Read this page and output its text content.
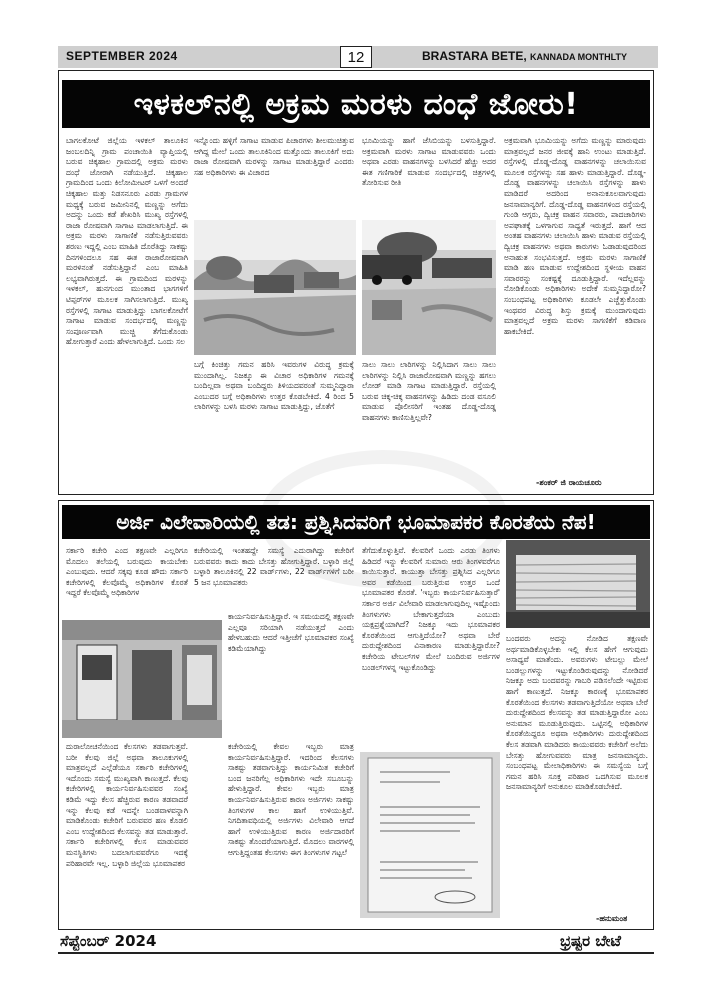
SEPTEMBER 2024	12	BRASTARA BETE, KANNADA MONTHLTY
ಇಳಕಲ್‌ನಲ್ಲಿ ಅಕ್ರಮ ಮರಳು ದಂಧೆ ಜೋರು!

ಬಾಗಲಕೋಟೆ ಜಿಲ್ಲೆಯ ಇಳಕಲ್ ತಾಲೂಕಿನ ಜಂಬಲದಿನ್ನಿ ಗ್ರಾಮ ಪಂಚಾಯಿತಿ ವ್ಯಾಪ್ತಿಯಲ್ಲಿ ಬರುವ ಚಿಕ್ಕಹಾಲ ಗ್ರಾಮದಲ್ಲಿ ಅಕ್ರಮ ಮರಳು ದಂಧೆ ಜೋರಾಗಿ ನಡೆಯುತ್ತಿದೆ. ಚಿಕ್ಕಹಾಲ ಗ್ರಾಮದಿಂದ ಒಂದು ಕಿಲೋಮೀಟರ್ ಒಳಗೆ ಅಂದರೆ ಚಿಕ್ಕಹಾಲ ಮತ್ತು ನಿಡಸನೂರು ಎರಡು ಗ್ರಾಮಗಳ ಮಧ್ಯಕ್ಕೆ ಬರುವ ಜಮೀನಿನಲ್ಲಿ ಮಣ್ಣನ್ನು ಅಗೆದು ಅದನ್ನು ಒಂದು ಕಡೆ ಶೇಖರಿಸಿ ಮುಖ್ಯ ರಸ್ತೆಗಳಲ್ಲಿ ರಾಜಾ ರೋಷವಾಗಿ ಸಾಗಾಟ ಮಾಡಲಾಗುತ್ತಿದೆ. ಈ ಅಕ್ರಮ ಮರಳು ಸಾಗಾಣಿಕೆ ನಡೆಸುತ್ತಿರುವವರು ಶರಣು ಇದ್ದಲ್ಲಿ ಎಂಬ ಮಾಹಿತಿ ದೊರೆತಿದ್ದು ಸಾಕಷ್ಟು ದಿನಗಳಿಂದಲೂ ಸಹ ಈತ ರಾಜಾರೋಷವಾಗಿ ಮರಳಿನಂತೆ ನಡೆಸುತ್ತಿದ್ದಾನೆ ಎಂಬ ಮಾಹಿತಿ ಲಭ್ಯವಾಗಿರುತ್ತದೆ. ಈ ಗ್ರಾಮದಿಂದ ಮರಳನ್ನು ಇಳಕಲ್, ಹುನಗುಂದ ಮುಂತಾದ ಭಾಗಗಳಿಗೆ ಟಿಪ್ಪರ್‌ಗಳ ಮೂಲಕ ಸಾಗಿಸಲಾಗುತ್ತಿದೆ. ಮುಖ್ಯ ರಸ್ತೆಗಳಲ್ಲಿ ಸಾಗಾಟ ಮಾಡುತ್ತಿದ್ದು ಬಾಗಲಕೋಟೆಗೆ ಸಾಗಾಟ ಮಾಡುವ ಸಂದರ್ಭದಲ್ಲಿ ಮಣ್ಣನ್ನು ಸಂಪೂರ್ಣವಾಗಿ ಮುಚ್ಚಿ ತೆಗೆದುಕೊಂಡು ಹೋಗುತ್ತಾರೆ ಎಂದು ಹೇಳಲಾಗುತ್ತಿದೆ. ಒಂದು ಸಲ

ಇನ್ನೊಂದು ಹಳ್ಳಿಗೆ ಸಾಗಾಟ ಮಾಡುವ ಪಿಚಾರಗಳು ಶೀಲಮುಚಿತ್ತುವ ಆಗಿದ್ದ ಮೇಲೆ ಒಂದು ತಾಲೂಕಿನಿಂದ ಮತ್ತೊಂದು ತಾಲೂಕಿಗೆ ಅದು ರಾಜಾ ರೋಷವಾಗಿ ಮರಳನ್ನು ಸಾಗಾಟ ಮಾಡುತ್ತಿದ್ದಾರೆ ಎಂದರು ಸಹ ಅಧಿಕಾರಿಗಳು ಈ ವಿಚಾರದ

ಭೂಮಿಯನ್ನು ಹಾಗೆ ಜೆಸಿಬಿಯನ್ನು ಬಳಸುತ್ತಿದ್ದಾರೆ. ಅಕ್ರಮವಾಗಿ ಮರಳು ಸಾಗಾಟ ಮಾಡುವವರು ಒಂದು ಅಥವಾ ಎರಡು ವಾಹನಗಳನ್ನು ಬಳಸಿದರೆ ಹೆಚ್ಚು ಅದರ ಈತ ಗಣಿಗಾರಿಕೆ ಮಾಡುವ ಸಂದರ್ಭದಲ್ಲಿ ಚಿತ್ರಗಳಲ್ಲಿ ತೋರಿಸುವ ರೀತಿ

ಬಗ್ಗೆ ಕಿಂಚಿತ್ತು ಗಮನ ಹರಿಸಿ ಇವರುಗಳ ವಿರುದ್ಧ ಕ್ರಮಕ್ಕೆ ಮುಂದಾಗಿಲ್ಲ. ನಿಜಕ್ಕೂ ಈ ವಿಚಾರ ಅಧಿಕಾರಿಗಳ ಗಮನಕ್ಕೆ ಬಂದಿಲ್ಲವಾ ಅಥವಾ ಬಂದಿದ್ದರು ತಿಳಿಯದವರಂತೆ ಸುಮ್ಮನಿದ್ದಾರಾ ಎಂಬುದರ ಬಗ್ಗೆ ಅಧಿಕಾರಿಗಳು ಉತ್ತರ ಕೊಡಬೇಕಿದೆ. 4 ರಿಂದ 5 ಲಾರಿಗಳನ್ನು ಬಳಸಿ ಮರಳು ಸಾಗಾಟ ಮಾಡುತ್ತಿದ್ದು, ಜೊತೆಗೆ

ಸಾಲು ಸಾಲು ಲಾರಿಗಳನ್ನು ನಿಲ್ಲಿಸಿದಾಗ ಸಾಲು ಸಾಲು ಲಾರಿಗಳನ್ನು ನಿಲ್ಲಿಸಿ ರಾಜಾರೋಷವಾಗಿ ಮಣ್ಣನ್ನು ಹಗಲು ಲೋಡ್ ಮಾಡಿ ಸಾಗಾಟ ಮಾಡುತ್ತಿದ್ದಾರೆ. ರಸ್ತೆಯಲ್ಲಿ ಬರುವ ಚಿಕ್ಕ-ಚಿಕ್ಕ ವಾಹನಗಳನ್ನು ಹಿಡಿದು ದಂಡ ವಸೂಲಿ ಮಾಡುವ ಪೊಲೀಸರಿಗೆ ಇಂತಹ ದೊಡ್ಡ-ದೊಡ್ಡ ವಾಹನಗಳು ಕಾಣಿಸುತ್ತಿಲ್ಲವೇ?

ಅಕ್ರಮವಾಗಿ ಭೂಮಿಯನ್ನು ಅಗೆದು ಮಣ್ಣನ್ನು ಮಾರುವುದು ಮಾತ್ರವಲ್ಲದೆ ಜನರ ಜೀವಕ್ಕೆ ಹಾನಿ ಉಂಟು ಮಾಡುತ್ತಿದೆ. ರಸ್ತೆಗಳಲ್ಲಿ ದೊಡ್ಡ-ದೊಡ್ಡ ವಾಹನಗಳನ್ನು ಚಲಾಯಿಸುವ ಮೂಲಕ ರಸ್ತೆಗಳನ್ನು ಸಹ ಹಾಳು ಮಾಡುತ್ತಿದ್ದಾರೆ. ದೊಡ್ಡ-ದೊಡ್ಡ ವಾಹನಗಳನ್ನು ಚಲಾಯಿಸಿ ರಸ್ತೆಗಳನ್ನು ಹಾಳು ಮಾಡಿದರೆ ಅದರಿಂದ ಅನಾನುಕೂಲವಾಗುವುದು ಜನಸಾಮಾನ್ಯರಿಗೆ. ದೊಡ್ಡ-ದೊಡ್ಡ ವಾಹನಗಳಿಂದ ರಸ್ತೆಯಲ್ಲಿ ಗುಂಡಿ ಆಗ್ಗರು, ದ್ವಿಚಕ್ರ ವಾಹನ ಸವಾರರು, ಪಾದಚಾರಿಗಳು ಅಪಘಾತಕ್ಕೆ ಒಳಗಾಗುವ ಸಾಧ್ಯತೆ ಇರುತ್ತದೆ. ಹಾಗೆ ಆದ ಅಂತಹ ವಾಹನಗಳು ಚಲಾಯಿಸಿ ಹಾಳು ಮಾಡುವ ರಸ್ತೆಯಲ್ಲಿ ದ್ವಿಚಕ್ರ ವಾಹನಗಳು ಅಥವಾ ಕಾರುಗಳು ಓಡಾಡುವುದರಿಂದ ಅನಾಹುತ ಸಂಭವಿಸುತ್ತದೆ. ಅಕ್ರಮ ಮರಳು ಸಾಗಾಣಿಕೆ ಮಾಡಿ ಹಣ ಮಾಡುವ ಉದ್ದೇಶದಿಂದ ಸ್ಥಳೀಯ ವಾಹನ ಸವಾರರನ್ನು ಸಂಕಷ್ಟಕ್ಕೆ ದೂಡುತ್ತಿದ್ದಾರೆ. ಇದೆಲ್ಲವನ್ನು ನೋಡಿಕೊಂಡು ಅಧಿಕಾರಿಗಳು ಅದೇಕೆ ಸುಮ್ಮನಿದ್ದಾರೋ? ಸಂಬಂಧಪಟ್ಟ ಅಧಿಕಾರಿಗಳು ಕೂಡಲೇ ಎಚ್ಚೆತ್ತುಕೊಂಡು ಇಂಥವರ ವಿರುದ್ಧ ಶಿಸ್ತು ಕ್ರಮಕ್ಕೆ ಮುಂದಾಗುವುದು ಮಾತ್ರವಲ್ಲದೆ ಅಕ್ರಮ ಮರಳು ಸಾಗಣಿಕೆಗೆ ಕಡಿವಾಣ ಹಾಕಬೇಕಿದೆ.

-ಶಂಕರ್ ಜಿ ರಾಯಚೂರು
ಅರ್ಜಿ ವಿಲೇವಾರಿಯಲ್ಲಿ ತಡ: ಪ್ರಶ್ನಿಸಿದವರಿಗೆ ಭೂಮಾಪಕರ ಕೊರತೆಯ ನೆಪ!

ಸರ್ಕಾರಿ ಕಚೇರಿ ಎಂದ ತಕ್ಷಣವೇ ಎಲ್ಲರಿಗೂ ಮೊದಲು ತಲೆಯಲ್ಲಿ ಬರುವುದು ಕಾಯಬೇಕು ಎಂಬುವುದು. ಆದರೆ ಸಕ್ಕವು ಕೂಡ ಹೌದು ಸರ್ಕಾರಿ ಕಚೇರಿಗಳಲ್ಲಿ ಕೆಲವೊಮ್ಮೆ ಅಧಿಕಾರಿಗಳ ಕೊರತೆ ಇದ್ದರೆ ಕೆಲವೊಮ್ಮೆ ಅಧಿಕಾರಿಗಳ

ಕಚೇರಿಯಲ್ಲಿ ಇಂತಹದ್ದೇ ಸಮಸ್ಯೆ ಎದುರಾಗಿದ್ದು ಕಚೇರಿಗೆ ಬರುವವರು ಕಾದು ಕಾದು ಬೇಸತ್ತು ಹೋಗುತ್ತಿದ್ದಾರೆ. ಬಳ್ಳಾರಿ ಜಿಲ್ಲೆ ಬಳ್ಳಾರಿ ತಾಲೂಕಿನಲ್ಲಿ 22 ವಾರ್ಡ್‌ಗಳು, 22 ವಾರ್ಡ್‌ಗಳಿಗೆ ಬರೀ 5 ಜನ ಭೂಮಾಪಕರು

ಕಾರ್ಯನಿರ್ವಹಿಸುತ್ತಿದ್ದಾರೆ. ಇ ಸಮಯದಲ್ಲಿ ತಕ್ಷಣವೇ ಎಲ್ಲವೂ ಸರಿಯಾಗಿ ನಡೆಯುತ್ತದೆ ಎಂದು ಹೇಳಬಹುದು ಆದರೆ ಇತ್ತೀಚೆಗೆ ಭೂಮಾಪಕರ ಸಂಖ್ಯೆ ಕಡಿಮೆಯಾಗಿದ್ದು

ತೆಗೆದುಕೊಳ್ಳುತ್ತಿವೆ. ಕೆಲವರಿಗೆ ಒಂದು ಎರಡು ತಿಂಗಳು ಹಿಡಿದರೆ ಇನ್ನು ಕೆಲವರಿಗೆ ಸುಮಾರು ಆರು ತಿಂಗಳವರೆಗೂ ಕಾಯಿಸುತ್ತಾರೆ. ಕಾಯುತ್ತಾ ಬೇಸತ್ತು ಪ್ರಶ್ನಿಸಿದ ಎಲ್ಲರಿಗೂ ಅವರ ಕಡೆಯಿಂದ ಬರುತ್ತಿರುವ ಉತ್ತರ ಒಂದೆ ಭೂಮಾಪಕರ ಕೊರತೆ. 'ಇಬ್ಬರು ಕಾರ್ಯನಿರ್ವಹಿಸುತ್ತಾರೆ' ಸರ್ಕಾರ ಅರ್ಜಿ ವಿಲೇವಾರಿ ಮಾಡಲಾಗುವುದಿಲ್ಲ ಇಷ್ಟೊಂದು ತಿಂಗಳುಗಳು ಬೇಕಾಗುತ್ತದೆಯಾ ಎಂಬುದು ಯಕ್ಷಪ್ರಶ್ನೆಯಾಗಿದೆ? ನಿಜಕ್ಕೂ ಇದು ಭೂಮಾಪಕರ ಕೊರತೆಯಿಂದ ಆಗುತ್ತಿದೆಯೋ? ಅಥವಾ ಬೇರೆ ದುರುದ್ದೇಶದಿಂದ ವಿನಾಕಾರಣ ಮಾಡುತ್ತಿದ್ದಾರೋ? ಕಚೇರಿಯ ಟೇಬಲ್‌ಗಳ ಮೇಲೆ ಬಂದಿರುವ ಅರ್ಜಿಗಳ ಬಂಡಲ್‌ಗಳನ್ನ ಇಟ್ಟುಕೊಂಡಿದ್ದು

ಬಂದವರು ಅದನ್ನು ನೋಡಿದ ತಕ್ಷಣವೇ ಅರ್ಥಮಾಡಿಕೊಳ್ಳಬೇಕು ಇಲ್ಲಿ ಕೆಲಸ ಹೇಗೆ ಆಗುವುದು ಅಸಾಧ್ಯವೆ ಮಾತೆಂದು. ಅವರುಗಳು ಟೇಬಲ್ಲು ಮೇಲೆ ಬಂಡಲ್ಲುಗಳನ್ನು ಇಟ್ಟುಕೊಂಡಿರುವುದನ್ನು ನೋಡಿದರೆ ನಿಜಕ್ಕೂ ಅದು ಬಂದವರನ್ನು ಗಾಬರಿ ಪಡಿಸಲೆಂದೇ ಇಟ್ಟಿರುವ ಹಾಗೆ ಕಾಣುತ್ತದೆ. ನಿಜಕ್ಕೂ ಕಾರಣಕ್ಕೆ ಭೂಮಾಪಕರ ಕೊರತೆಯಿಂದ ಕೆಲಸಗಳು ತಡವಾಗುತ್ತಿದೆಯೋ ಅಥವಾ ಬೇರೆ ದುರುದ್ದೇಶದಿಂದ ಕೆಲಸವನ್ನು ತಡ ಮಾಡುತ್ತಿದ್ದಾರೋ ಎಂಬ ಅನುಮಾನ ಮೂಡುತ್ತಿರುವುದು. ಒಟ್ಟಿನಲ್ಲಿ ಅಧಿಕಾರಿಗಳ ಕೊರತೆಯಿದ್ದರೂ ಅಥವಾ ಅಧಿಕಾರಿಗಳು ದುರುದ್ದೇಶದಿಂದ ಕೆಲಸ ತಡವಾಗಿ ಮಾಡಿದರು ಕಾಯುವವರು ಕಚೇರಿಗೆ ಅಲೆದು ಬೇಸತ್ತು ಹೋಗುವವರು ಮಾತ್ರ ಜನಸಾಮಾನ್ಯರು. ಸಂಬಂಧಪಟ್ಟ ಮೇಲಾಧಿಕಾರಿಗಳು ಈ ಸಮಸ್ಯೆಯ ಬಗ್ಗೆ ಗಮನ ಹರಿಸಿ ಸೂಕ್ತ ಪರಿಹಾರ ಒದಗಿಸುವ ಮೂಲಕ ಜನಸಾಮಾನ್ಯರಿಗೆ ಅನುಕೂಲ ಮಾಡಿಕೊಡಬೇಕಿದೆ.

ದುರಾಲೋಚನೆಯಿಂದ ಕೆಲಸಗಳು ತಡವಾಗುತ್ತವೆ. ಬರೀ ಕೆಲವು ಜಿಲ್ಲೆ ಅಥವಾ ತಾಲೂಕುಗಳಲ್ಲಿ ಮಾತ್ರವಲ್ಲದೆ ಎಲ್ಲೆಡೆಯೂ ಸರ್ಕಾರಿ ಕಚೇರಿಗಳಲ್ಲಿ ಇದೊಂದು ಸಮಸ್ಯೆ ಮುಖ್ಯವಾಗಿ ಕಾಣುತ್ತದೆ. ಕೆಲವು ಕಚೇರಿಗಳಲ್ಲಿ ಕಾರ್ಯನಿರ್ವಹಿಸುವವರ ಸಂಖ್ಯೆ ಕಡಿಮೆ ಇದ್ದು ಕೆಲಸ ಹೆಚ್ಚಿರುವ ಕಾರಣ ತಡವಾದರೆ ಇನ್ನು ಕೆಲವು ಕಡೆ ಇದನ್ನೇ ಬಂಡವಾಳವನ್ನಾಗಿ ಮಾಡಿಕೊಂಡು ಕಚೇರಿಗೆ ಬರುವವರ ಹಣ ಕೊಡಲಿ ಎಂಬ ಉದ್ದೇಶದಿಂದ ಕೆಲಸವನ್ನು ತಡ ಮಾಡುತ್ತಾರೆ. ಸರ್ಕಾರಿ ಕಚೇರಿಗಳಲ್ಲಿ ಕೆಲಸ ಮಾಡುವವರ ಮನಸ್ಥಿತಿಗಳು ಬದಲಾಗುವವರೆಗೂ ಇದಕ್ಕೆ ಪರಿಹಾರವೇ ಇಲ್ಲ. ಬಳ್ಳಾರಿ ಜಿಲ್ಲೆಯ ಭೂಮಾಪಕರ

ಕಚೇರಿಯಲ್ಲಿ ಕೇವಲ ಇಬ್ಬರು ಮಾತ್ರ ಕಾರ್ಯನಿರ್ವಹಿಸುತ್ತಿದ್ದಾರೆ. ಇದರಿಂದ ಕೆಲಸಗಳು ಸಾಕಷ್ಟು ತಡವಾಗುತ್ತಿದ್ದು ಕಾರ್ಯನಿಮಿತ ಕಚೇರಿಗೆ ಬಂದ ಜನರಿಗೆಲ್ಲ ಅಧಿಕಾರಿಗಳು ಇದೇ ಸಬೂಬನ್ನು ಹೇಳುತ್ತಿದ್ದಾರೆ. ಕೇವಲ ಇಬ್ಬರು ಮಾತ್ರ ಕಾರ್ಯನಿರ್ವಹಿಸುತ್ತಿರುವ ಕಾರಣ ಅರ್ಜಿಗಳು ಸಾಕಷ್ಟು ತಿಂಗಳುಗಳ ಕಾಲ ಹಾಗೆ ಉಳಿಯುತ್ತಿವೆ. ನಿಗದಿತಾವಧಿಯಲ್ಲಿ ಅರ್ಜಿಗಳು ವಿಲೇವಾರಿ ಆಗದೆ ಹಾಗೆ ಉಳಿಯುತ್ತಿರುವ ಕಾರಣ ಅರ್ಜಿದಾರರಿಗೆ ಸಾಕಷ್ಟು ತೊಂದರೆಯಾಗುತ್ತಿದೆ. ಮೊದಲು ವಾರಗಳಲ್ಲಿ ಆಗುತ್ತಿದ್ದಂತಹ ಕೆಲಸಗಳು ಈಗ ತಿಂಗಳುಗಳ ಗಟ್ಟಲೆ

-ಹನುಮಂತ
ಸೆಪ್ಟೆಂಬರ್ 2024	ಭ್ರಷ್ಟರ ಬೇಟೆ
